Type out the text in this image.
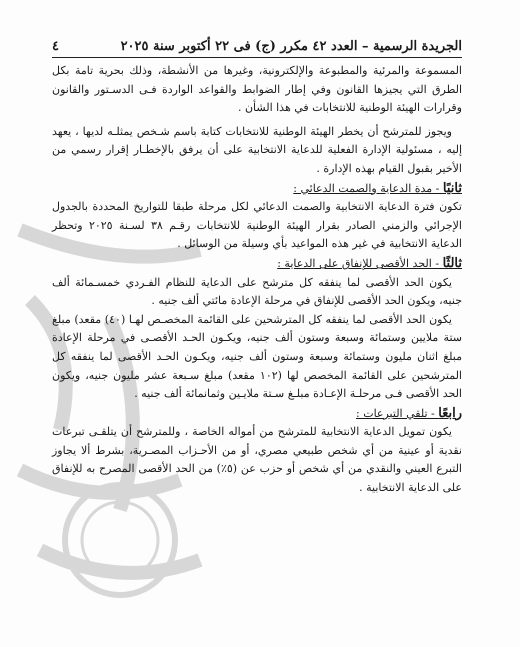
الجريدة الرسمية – العدد ٤٢ مكرر (ج) فى ٢٢ أكتوبر سنة ٢٠٢٥
٤

المسموعة والمرئية والمطبوعة والإلكترونية، وغيرها من الأنشطة، وذلك بحرية تامة بكل الطرق التي يجيزها القانون وفي إطار الضوابط والقواعد الواردة فـى الدسـتور والقانون وقرارات الهيئة الوطنية للانتخابات في هذا الشأن .

ويجوز للمترشح أن يخطر الهيئة الوطنية للانتخابات كتابة باسم شـخص يمثلـه لديها ، يعهد إليه ، مسئولية الإدارة الفعلية للدعاية الانتخابية على أن يرفق بالإخطـار إقرار رسمي من الأخير بقبول القيام بهذه الإدارة .

ثانيًا - مدة الدعاية والصمت الدعائي :

تكون فترة الدعاية الانتخابية والصمت الدعائي لكل مرحلة طبقا للتواريخ المحددة بالجدول الإجرائي والزمني الصادر بقرار الهيئة الوطنية للانتخابات رقـم ٣٨ لسـنة ٢٠٢٥ وتحظر الدعاية الانتخابية في غير هذه المواعيد بأي وسيلة من الوسائل .

ثالثًا - الحد الأقصى للإنفاق على الدعاية :

يكون الحد الأقصى لما ينفقه كل مترشح على الدعاية للنظام الفـردي خمسـمائة ألف جنيه، ويكون الحد الأقصى للإنفاق في مرحلة الإعادة مائتي ألف جنيه .

يكون الحد الأقصى لما ينفقه كل المترشحين على القائمة المخصـص لهـا (٤٠) مقعد) مبلغ ستة ملايين وستمائة وسبعة وستون ألف جنيه، ويكـون الحـد الأقصـى في مرحلة الإعادة مبلغ اثنان مليون وستمائة وسبعة وستون ألف جنيه، ويكـون الحـد الأقصى لما ينفقه كل المترشحين على القائمة المخصص لها (١٠٢ مقعد) مبلغ سـبعة عشر مليون جنيه، ويكون الحد الأقصى فـى مرحلـة الإعـادة مبلـغ سـتة ملايـين وثمانمائة ألف جنيه .

رابعًا - تلقي التبرعات :

يكون تمويل الدعاية الانتخابية للمترشح من أمواله الخاصة ، وللمترشح أن يتلقـى تبرعات نقدية أو عينية من أي شخص طبيعي مصري، أو من الأحـزاب المصـرية، بشرط ألا يجاوز التبرع العيني والنقدي من أي شخص أو حزب عن (٥٪) من الحد الأقصى المصرح به للإنفاق على الدعاية الانتخابية .
